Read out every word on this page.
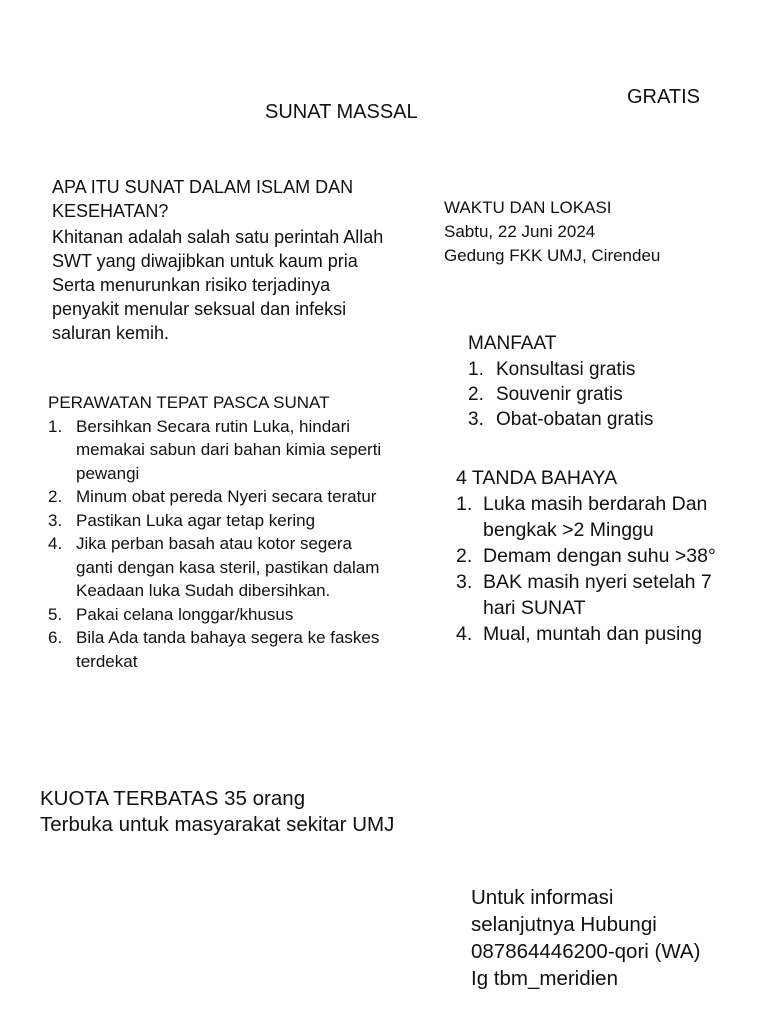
SUNAT MASSAL
GRATIS

APA ITU SUNAT DALAM ISLAM DAN KESEHATAN?

Khitanan adalah salah satu perintah Allah SWT yang diwajibkan untuk kaum pria Serta menurunkan risiko terjadinya penyakit menular seksual dan infeksi saluran kemih.

WAKTU DAN LOKASI

Sabtu, 22 Juni 2024

Gedung FKK UMJ, Cirendeu

MANFAAT

1. Konsultasi gratis
2. Souvenir gratis
3. Obat-obatan gratis

PERAWATAN TEPAT PASCA SUNAT

1. Bersihkan Secara rutin Luka, hindari memakai sabun dari bahan kimia seperti pewangi
2. Minum obat pereda Nyeri secara teratur
3. Pastikan Luka agar tetap kering
4. Jika perban basah atau kotor segera ganti dengan kasa steril, pastikan dalam Keadaan luka Sudah dibersihkan.
5. Pakai celana longgar/khusus
6. Bila Ada tanda bahaya segera ke faskes terdekat

4 TANDA BAHAYA

1. Luka masih berdarah Dan bengkak >2 Minggu
2. Demam dengan suhu >38°
3. BAK masih nyeri setelah 7 hari SUNAT
4. Mual, muntah dan pusing

KUOTA TERBATAS 35 orang

Terbuka untuk masyarakat sekitar UMJ

Untuk informasi

selanjutnya Hubungi

087864446200-qori (WA)

Ig tbm_meridien
